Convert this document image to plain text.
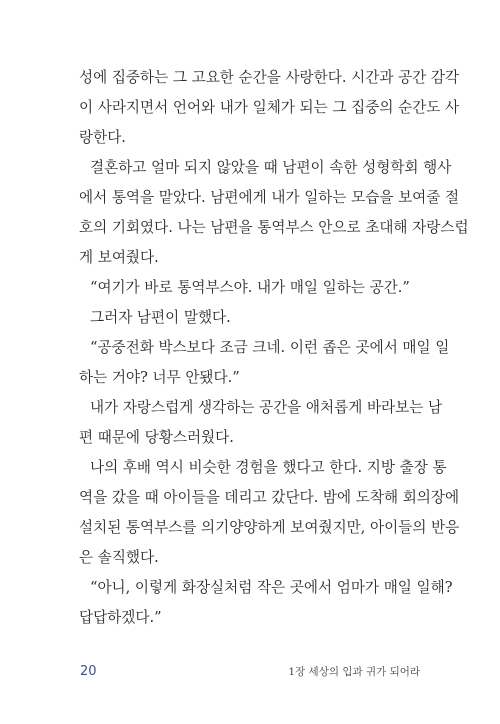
성에 집중하는 그 고요한 순간을 사랑한다. 시간과 공간 감각
이 사라지면서 언어와 내가 일체가 되는 그 집중의 순간도 사
랑한다.
결혼하고 얼마 되지 않았을 때 남편이 속한 성형학회 행사
에서 통역을 맡았다. 남편에게 내가 일하는 모습을 보여줄 절
호의 기회였다. 나는 남편을 통역부스 안으로 초대해 자랑스럽
게 보여줬다.
“여기가 바로 통역부스야. 내가 매일 일하는 공간.”
그러자 남편이 말했다.
“공중전화 박스보다 조금 크네. 이런 좁은 곳에서 매일 일
하는 거야? 너무 안됐다.”
내가 자랑스럽게 생각하는 공간을 애처롭게 바라보는 남
편 때문에 당황스러웠다.
나의 후배 역시 비슷한 경험을 했다고 한다. 지방 출장 통
역을 갔을 때 아이들을 데리고 갔단다. 밤에 도착해 회의장에
설치된 통역부스를 의기양양하게 보여줬지만, 아이들의 반응
은 솔직했다.
“아니, 이렇게 화장실처럼 작은 곳에서 엄마가 매일 일해?
답답하겠다.”
20	1장 세상의 입과 귀가 되어라
